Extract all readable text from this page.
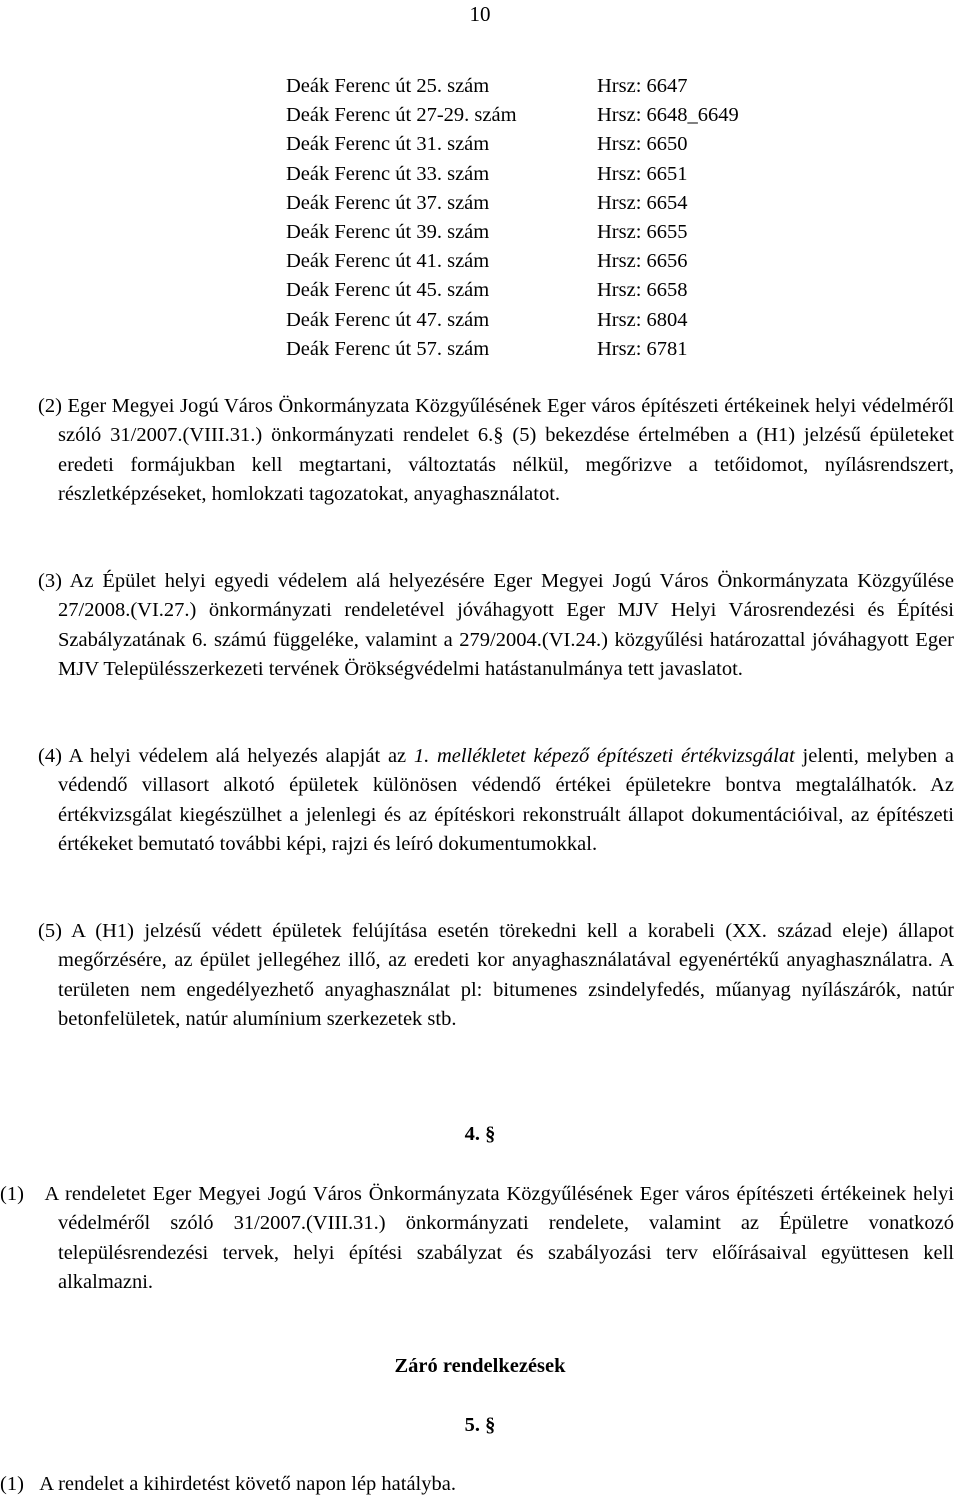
10
Deák Ferenc út 25. szám	Hrsz: 6647
Deák Ferenc út 27-29. szám	Hrsz: 6648_6649
Deák Ferenc út 31. szám	Hrsz: 6650
Deák Ferenc út 33. szám	Hrsz: 6651
Deák Ferenc út 37. szám	Hrsz: 6654
Deák Ferenc út 39. szám	Hrsz: 6655
Deák Ferenc út 41. szám	Hrsz: 6656
Deák Ferenc út 45. szám	Hrsz: 6658
Deák Ferenc út 47. szám	Hrsz: 6804
Deák Ferenc út 57. szám	Hrsz: 6781

(2) Eger Megyei Jogú Város Önkormányzata Közgyűlésének Eger város építészeti értékeinek helyi védelméről szóló 31/2007.(VIII.31.) önkormányzati rendelet 6.§ (5) bekezdése értelmében a (H1) jelzésű épületeket eredeti formájukban kell megtartani, változtatás nélkül, megőrizve a tetőidomot, nyílásrendszert, részletképzéseket, homlokzati tagozatokat, anyaghasználatot.

(3) Az Épület helyi egyedi védelem alá helyezésére Eger Megyei Jogú Város Önkormányzata Közgyűlése 27/2008.(VI.27.) önkormányzati rendeletével jóváhagyott Eger MJV Helyi Városrendezési és Építési Szabályzatának 6. számú függeléke, valamint a 279/2004.(VI.24.) közgyűlési határozattal jóváhagyott Eger MJV Településszerkezeti tervének Örökségvédelmi hatástanulmánya tett javaslatot.

(4) A helyi védelem alá helyezés alapját az 1. mellékletet képező építészeti értékvizsgálat jelenti, melyben a védendő villasort alkotó épületek különösen védendő értékei épületekre bontva megtalálhatók. Az értékvizsgálat kiegészülhet a jelenlegi és az építéskori rekonstruált állapot dokumentációival, az építészeti értékeket bemutató további képi, rajzi és leíró dokumentumokkal.

(5) A (H1) jelzésű védett épületek felújítása esetén törekedni kell a korabeli (XX. század eleje) állapot megőrzésére, az épület jellegéhez illő, az eredeti kor anyaghasználatával egyenértékű anyaghasználatra. A területen nem engedélyezhető anyaghasználat pl: bitumenes zsindelyfedés, műanyag nyílászárók, natúr betonfelületek, natúr alumínium szerkezetek stb.

4. §

(1)   A rendeletet Eger Megyei Jogú Város Önkormányzata Közgyűlésének Eger város építészeti értékeinek helyi védelméről szóló 31/2007.(VIII.31.) önkormányzati rendelete, valamint az Épületre vonatkozó településrendezési tervek, helyi építési szabályzat és szabályozási terv előírásaival együttesen kell alkalmazni.

Záró rendelkezések
5. §

(1)   A rendelet a kihirdetést követő napon lép hatályba.
